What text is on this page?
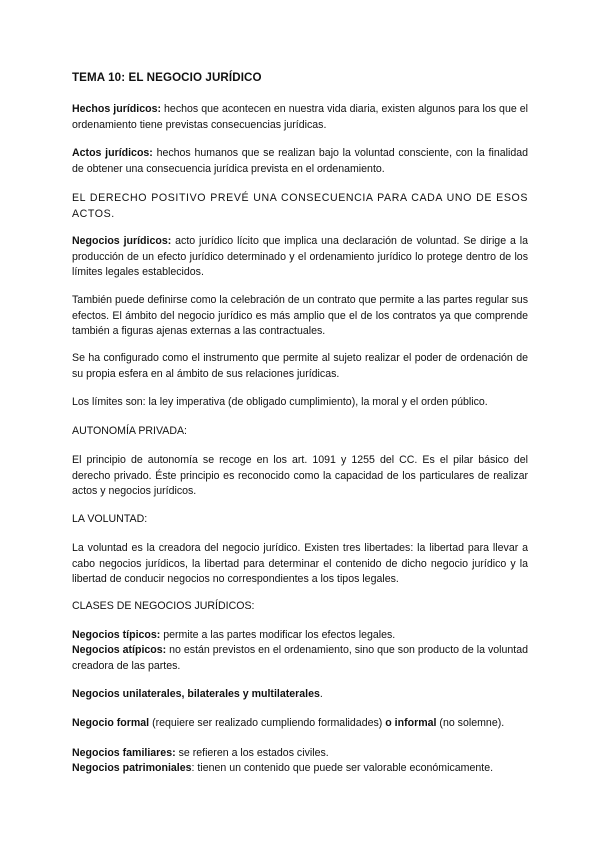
TEMA 10: EL NEGOCIO JURÍDICO
Hechos jurídicos: hechos que acontecen en nuestra vida diaria, existen algunos para los que el ordenamiento tiene previstas consecuencias jurídicas.
Actos jurídicos: hechos humanos que se realizan bajo la voluntad consciente, con la finalidad de obtener una consecuencia jurídica prevista en el ordenamiento.
EL DERECHO POSITIVO PREVÉ UNA CONSECUENCIA PARA CADA UNO DE ESOS ACTOS.
Negocios jurídicos: acto jurídico lícito que implica una declaración de voluntad. Se dirige a la producción de un efecto jurídico determinado y el ordenamiento jurídico lo protege dentro de los límites legales establecidos.
También puede definirse como la celebración de un contrato que permite a las partes regular sus efectos. El ámbito del negocio jurídico es más amplio que el de los contratos ya que comprende también a figuras ajenas externas a las contractuales.
Se ha configurado como el instrumento que permite al sujeto realizar el poder de ordenación de su propia esfera en al ámbito de sus relaciones jurídicas.
Los límites son: la ley imperativa (de obligado cumplimiento), la moral y el orden público.
AUTONOMÍA PRIVADA:
El principio de autonomía se recoge en los art. 1091 y 1255 del CC. Es el pilar básico del derecho privado. Éste principio es reconocido como la capacidad de los particulares de realizar actos y negocios jurídicos.
LA VOLUNTAD:
La voluntad es la creadora del negocio jurídico. Existen tres libertades: la libertad para llevar a cabo negocios jurídicos, la libertad para determinar el contenido de dicho negocio jurídico y la libertad de conducir negocios no correspondientes a los tipos legales.
CLASES DE NEGOCIOS JURÍDICOS:
Negocios típicos: permite a las partes modificar los efectos legales.
Negocios atípicos: no están previstos en el ordenamiento, sino que son producto de la voluntad creadora de las partes.
Negocios unilaterales, bilaterales y multilaterales.
Negocio formal (requiere ser realizado cumpliendo formalidades) o informal (no solemne).
Negocios familiares: se refieren a los estados civiles.
Negocios patrimoniales: tienen un contenido que puede ser valorable económicamente.
